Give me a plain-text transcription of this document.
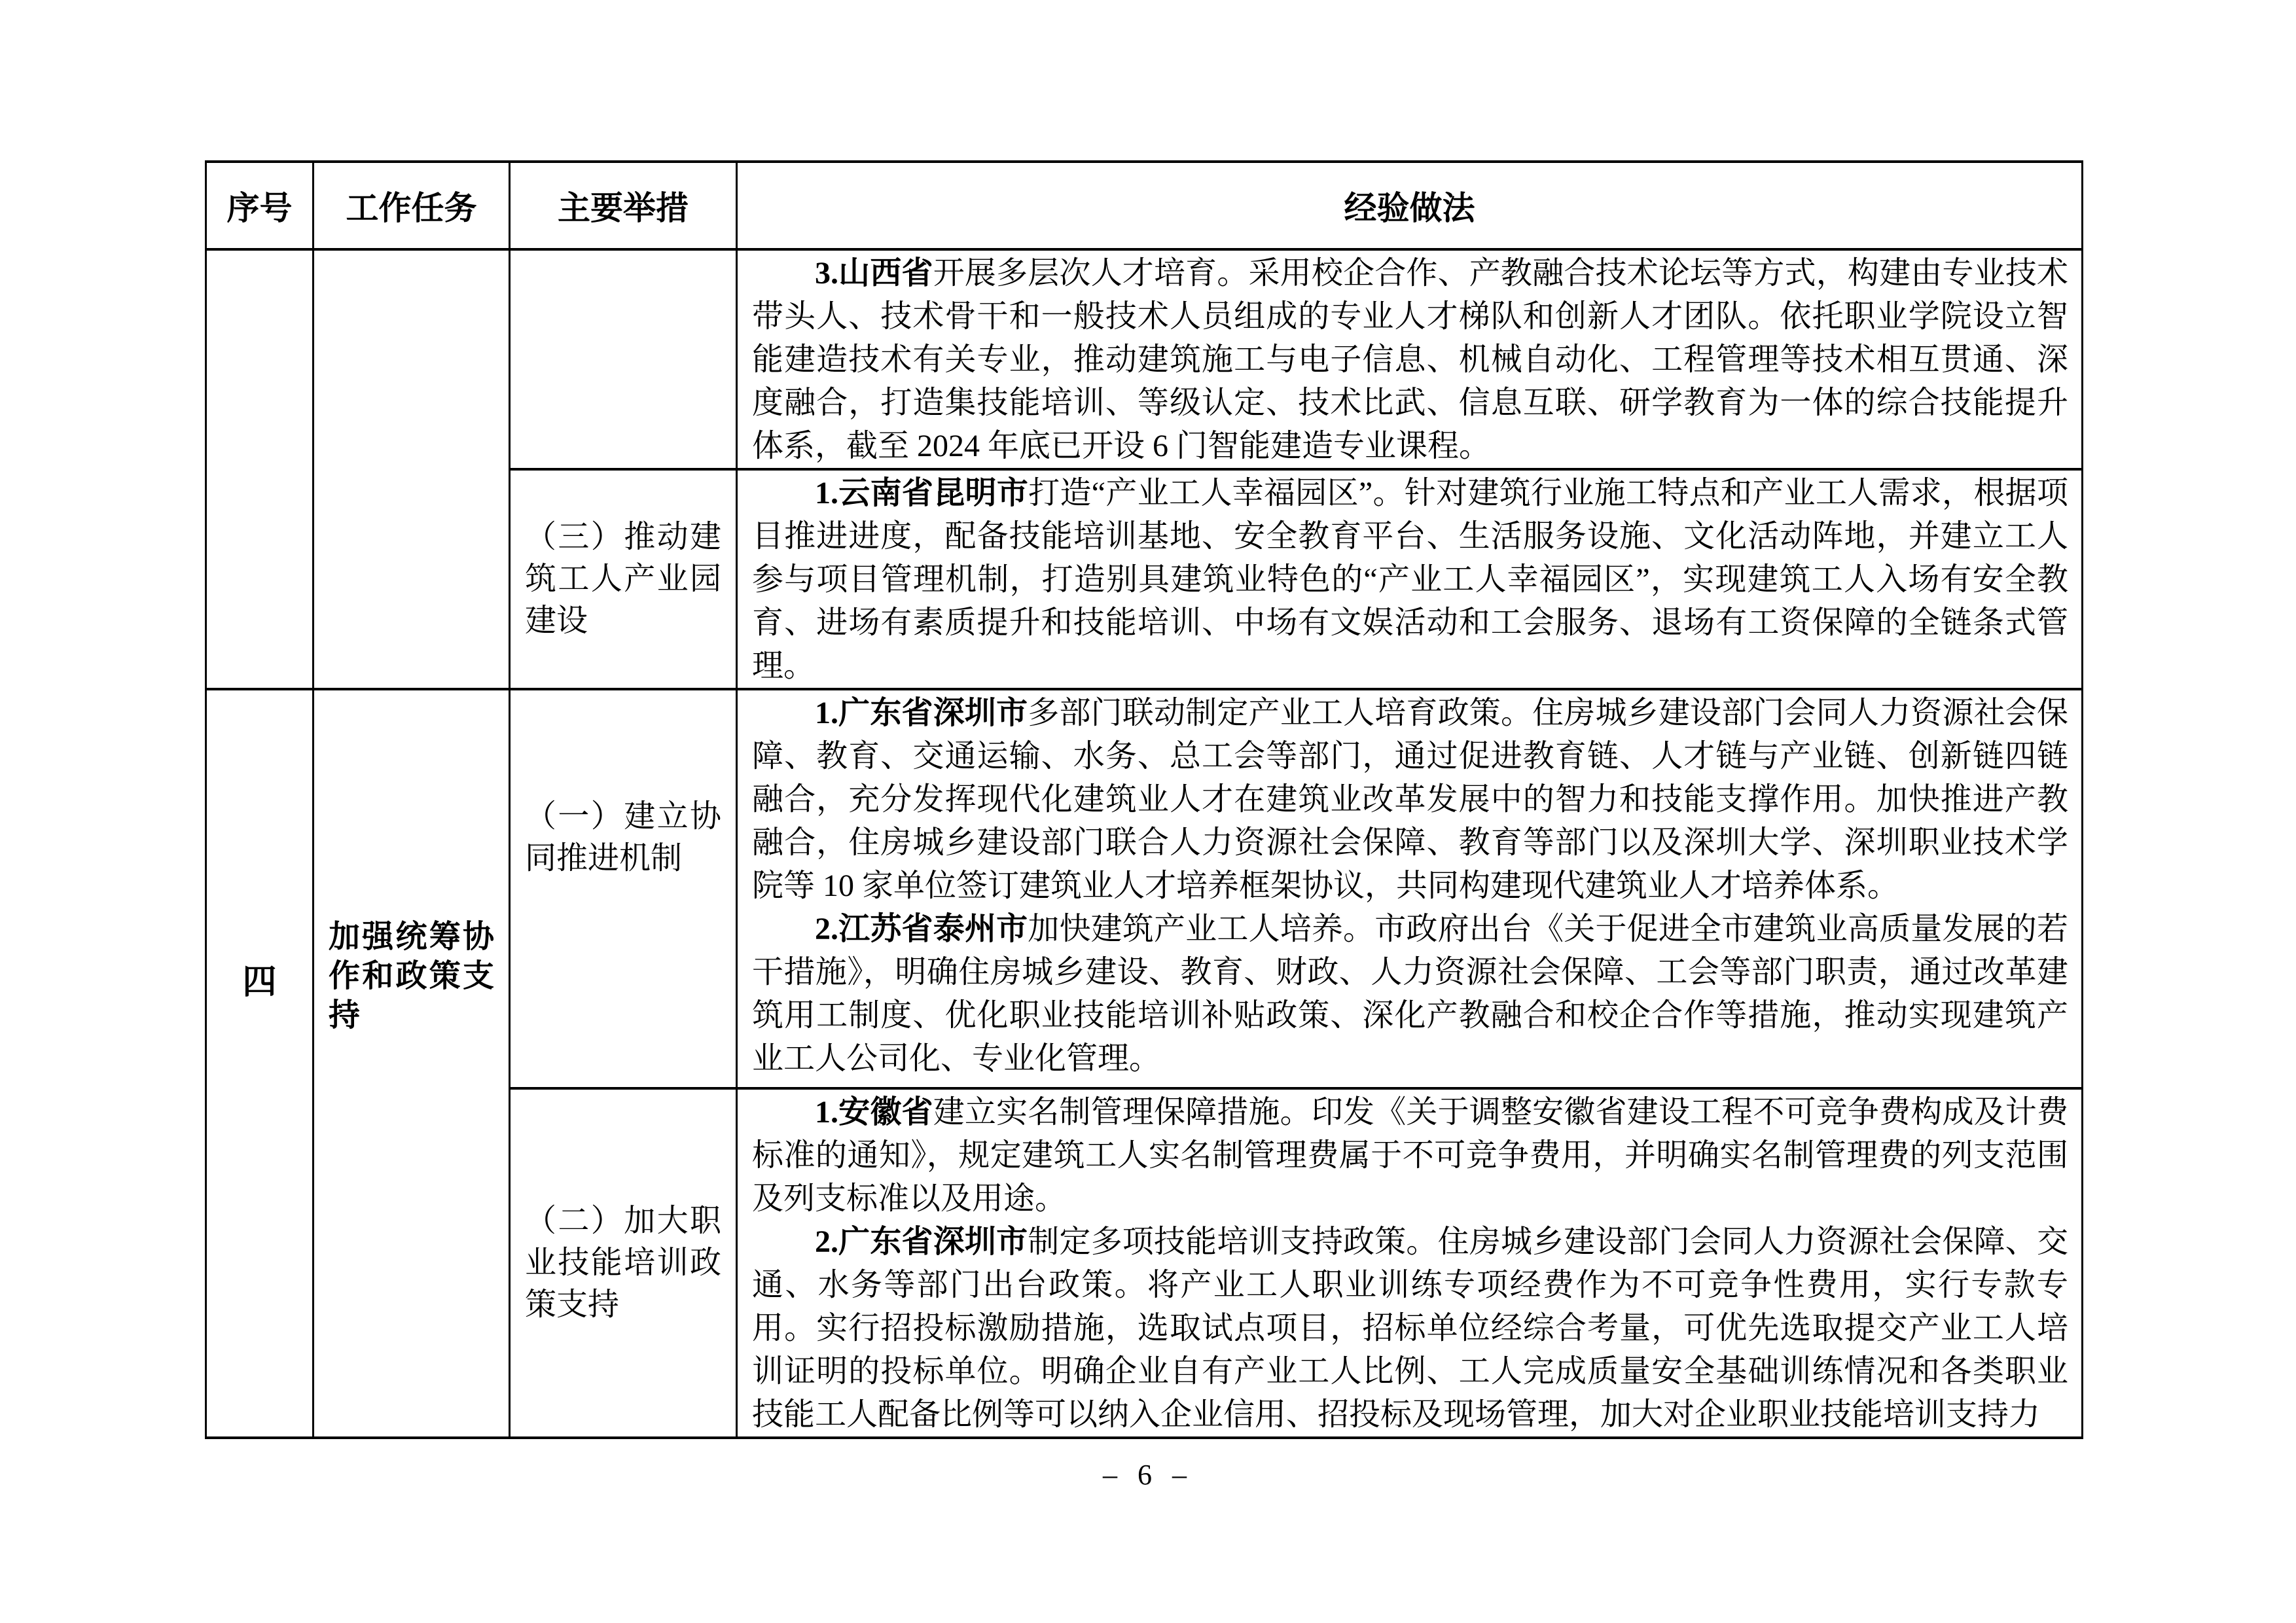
序号	工作任务	主要举措	经验做法

			3.山西省开展多层次人才培育。采用校企合作、产教融合技术论坛等方式，构建由专业技术带头人、技术骨干和一般技术人员组成的专业人才梯队和创新人才团队。依托职业学院设立智能建造技术有关专业，推动建筑施工与电子信息、机械自动化、工程管理等技术相互贯通、深度融合，打造集技能培训、等级认定、技术比武、信息互联、研学教育为一体的综合技能提升体系，截至 2024 年底已开设 6 门智能建造专业课程。

		（三）推动建筑工人产业园建设	1.云南省昆明市打造“产业工人幸福园区”。针对建筑行业施工特点和产业工人需求，根据项目推进进度，配备技能培训基地、安全教育平台、生活服务设施、文化活动阵地，并建立工人参与项目管理机制，打造别具建筑业特色的“产业工人幸福园区”，实现建筑工人入场有安全教育、进场有素质提升和技能培训、中场有文娱活动和工会服务、退场有工资保障的全链条式管理。

四	加强统筹协作和政策支持	（一）建立协同推进机制	1.广东省深圳市多部门联动制定产业工人培育政策。住房城乡建设部门会同人力资源社会保障、教育、交通运输、水务、总工会等部门，通过促进教育链、人才链与产业链、创新链四链融合，充分发挥现代化建筑业人才在建筑业改革发展中的智力和技能支撑作用。加快推进产教融合，住房城乡建设部门联合人力资源社会保障、教育等部门以及深圳大学、深圳职业技术学院等 10 家单位签订建筑业人才培养框架协议，共同构建现代建筑业人才培养体系。

2.江苏省泰州市加快建筑产业工人培养。市政府出台《关于促进全市建筑业高质量发展的若干措施》，明确住房城乡建设、教育、财政、人力资源社会保障、工会等部门职责，通过改革建筑用工制度、优化职业技能培训补贴政策、深化产教融合和校企合作等措施，推动实现建筑产业工人公司化、专业化管理。

		（二）加大职业技能培训政策支持	1.安徽省建立实名制管理保障措施。印发《关于调整安徽省建设工程不可竞争费构成及计费标准的通知》，规定建筑工人实名制管理费属于不可竞争费用，并明确实名制管理费的列支范围及列支标准以及用途。

2.广东省深圳市制定多项技能培训支持政策。住房城乡建设部门会同人力资源社会保障、交通、水务等部门出台政策。将产业工人职业训练专项经费作为不可竞争性费用，实行专款专用。实行招投标激励措施，选取试点项目，招标单位经综合考量，可优先选取提交产业工人培训证明的投标单位。明确企业自有产业工人比例、工人完成质量安全基础训练情况和各类职业技能工人配备比例等可以纳入企业信用、招投标及现场管理，加大对企业职业技能培训支持力

– 6 –
